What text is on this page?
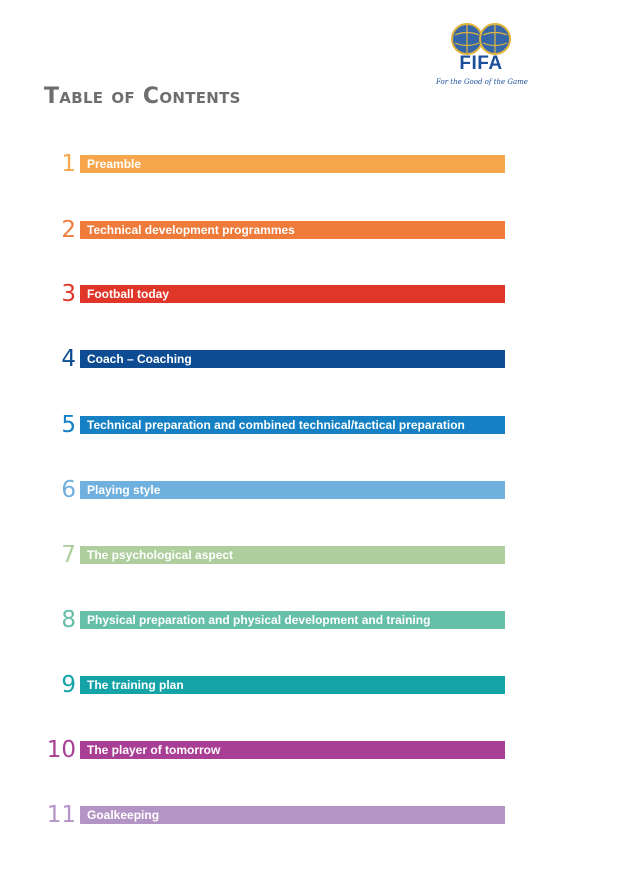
FIFA
For the Good of the Game
Table of Contents
1 Preamble
2 Technical development programmes
3 Football today
4 Coach – Coaching
5 Technical preparation and combined technical/tactical preparation
6 Playing style
7 The psychological aspect
8 Physical preparation and physical development and training
9 The training plan
10 The player of tomorrow
11 Goalkeeping
